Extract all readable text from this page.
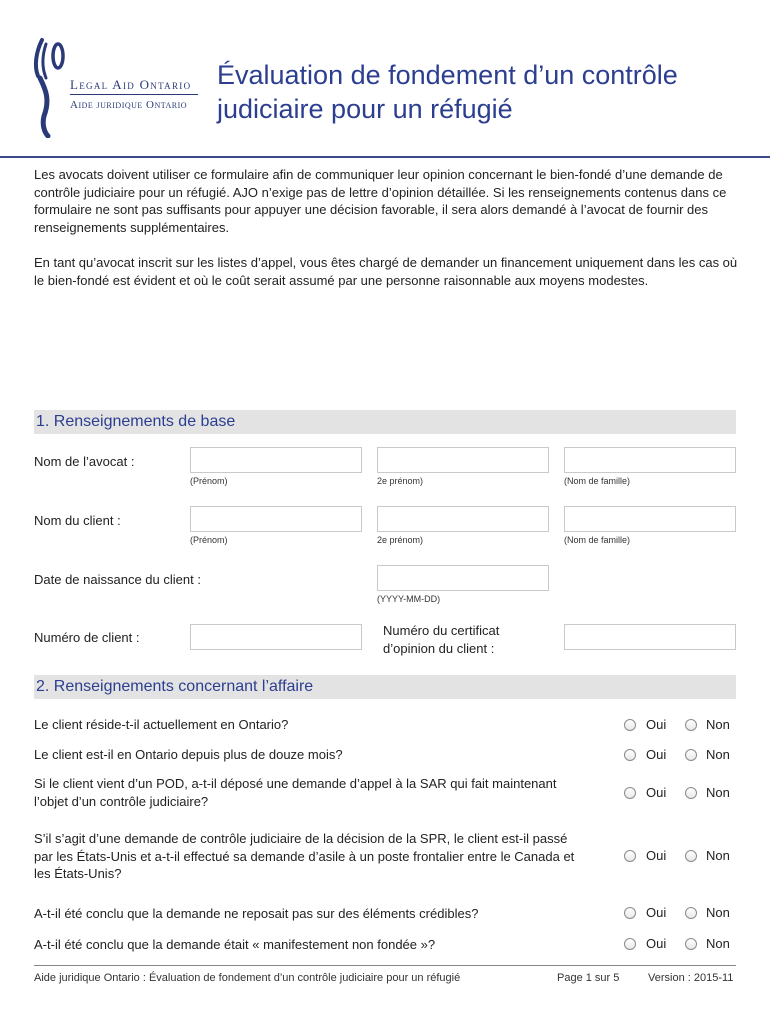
Legal Aid Ontario
Aide juridique Ontario
Évaluation de fondement d’un contrôle
judiciaire pour un réfugié
Les avocats doivent utiliser ce formulaire afin de communiquer leur opinion concernant le bien-fondé d’une demande de contrôle judiciaire pour un réfugié. AJO n’exige pas de lettre d’opinion détaillée. Si les renseignements contenus dans ce formulaire ne sont pas suffisants pour appuyer une décision favorable, il sera alors demandé à l’avocat de fournir des renseignements supplémentaires.
En tant qu’avocat inscrit sur les listes d’appel, vous êtes chargé de demander un financement uniquement dans les cas où le bien-fondé est évident et où le coût serait assumé par une personne raisonnable aux moyens modestes.
1. Renseignements de base
Nom de l’avocat :
(Prénom)	2e prénom)	(Nom de famille)
Nom du client :
(Prénom)	2e prénom)	(Nom de famille)
Date de naissance du client :
(YYYY-MM-DD)
Numéro de client :	Numéro du certificat
d’opinion du client :
2. Renseignements concernant l’affaire
Le client réside-t-il actuellement en Ontario?	Oui	Non
Le client est-il en Ontario depuis plus de douze mois?	Oui	Non
Si le client vient d’un POD, a-t-il déposé une demande d’appel à la SAR qui fait maintenant
l’objet d’un contrôle judiciaire?
Oui	Non
S’il s’agit d’une demande de contrôle judiciaire de la décision de la SPR, le client est-il passé
par les États-Unis et a-t-il effectué sa demande d’asile à un poste frontalier entre le Canada et
les États-Unis?
Oui	Non
A-t-il été conclu que la demande ne reposait pas sur des éléments crédibles?	Oui	Non
A-t-il été conclu que la demande était « manifestement non fondée »?	Oui	Non
Aide juridique Ontario : Évaluation de fondement d’un contrôle judiciaire pour un réfugié	Page 1 sur 5	Version : 2015-11
